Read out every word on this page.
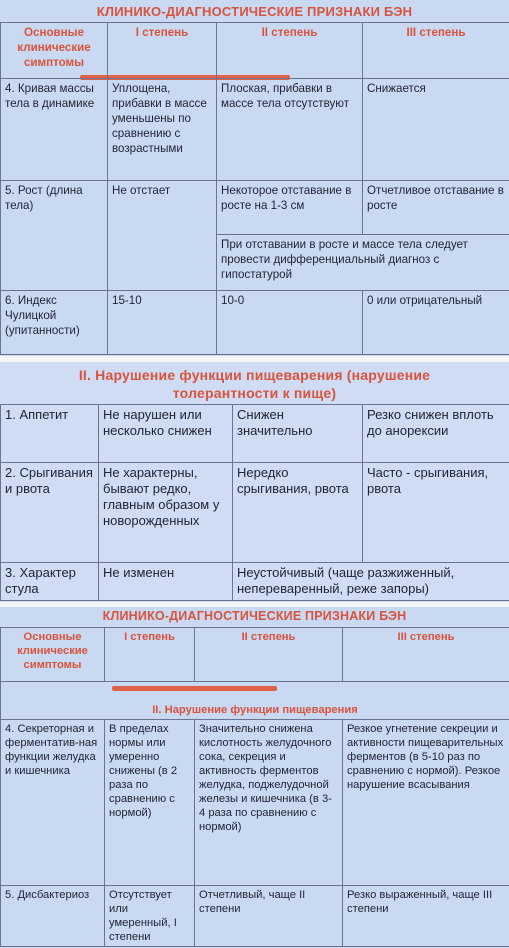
КЛИНИКО-ДИАГНОСТИЧЕСКИЕ ПРИЗНАКИ БЭН
Основные клинические симптомы	I степень	II степень	III степень
4. Кривая массы тела в динамике	Уплощена, прибавки в массе уменьшены по сравнению с возрастными	Плоская, прибавки в массе тела отсутствуют	Снижается
5. Рост (длина тела)	Не отстает	Некоторое отставание в росте на 1-3 см	Отчетливое отставание в росте
		При отставании в росте и массе тела следует провести дифференциальный диагноз с гипостатурой	
6. Индекс Чулицкой (упитанности)	15-10	10-0	0 или отрицательный
II. Нарушение функции пищеварения (нарушение толерантности к пище)
1. Аппетит	Не нарушен или несколько снижен	Снижен значительно	Резко снижен вплоть до анорексии
2. Срыгивания и рвота	Не характерны, бывают редко, главным образом у новорожденных	Нередко срыгивания, рвота	Часто - срыгивания, рвота
3. Характер стула	Не изменен	Неустойчивый (чаще разжиженный, непереваренный, реже запоры)	
КЛИНИКО-ДИАГНОСТИЧЕСКИЕ ПРИЗНАКИ БЭН
Основные клинические симптомы	I степень	II степень	III степень
II. Нарушение функции пищеварения			
4. Секреторная и ферментатив-ная функции желудка и кишечника	В пределах нормы или умеренно снижены (в 2 раза по сравнению с нормой)	Значительно снижена кислотность желудочного сока, секреция и активность ферментов желудка, поджелудочной железы и кишечника (в 3-4 раза по сравнению с нормой)	Резкое угнетение секреции и активности пищеварительных ферментов (в 5-10 раз по сравнению с нормой). Резкое нарушение всасывания
5. Дисбактериоз	Отсутствует или умеренный, I степени	Отчетливый, чаще II степени	Резко выраженный, чаще III степени
